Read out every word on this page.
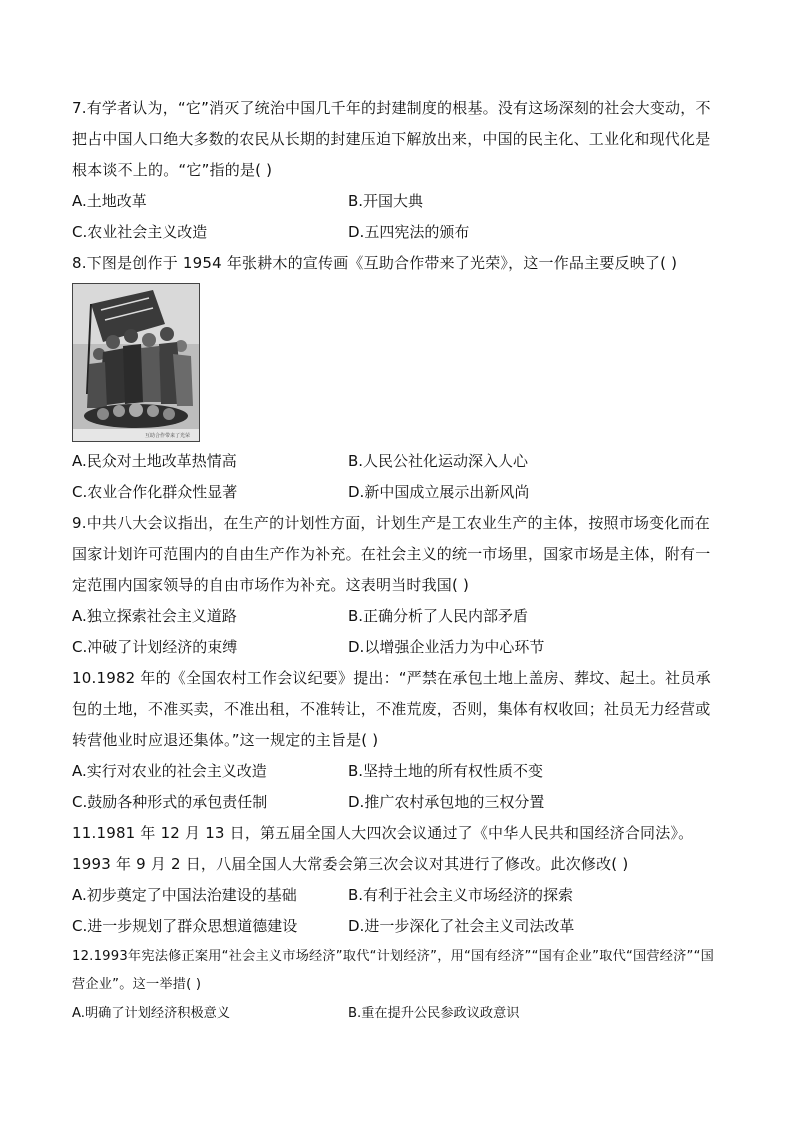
7.有学者认为，“它”消灭了统治中国几千年的封建制度的根基。没有这场深刻的社会大变动，不把占中国人口绝大多数的农民从长期的封建压迫下解放出来，中国的民主化、工业化和现代化是根本谈不上的。“它”指的是( )
A.土地改革	B.开国大典
C.农业社会主义改造	D.五四宪法的颁布
8.下图是创作于 1954 年张耕木的宣传画《互助合作带来了光荣》，这一作品主要反映了( )
互助合作带来了光荣
A.民众对土地改革热情高	B.人民公社化运动深入人心
C.农业合作化群众性显著	D.新中国成立展示出新风尚
9.中共八大会议指出，在生产的计划性方面，计划生产是工农业生产的主体，按照市场变化而在国家计划许可范围内的自由生产作为补充。在社会主义的统一市场里，国家市场是主体，附有一定范围内国家领导的自由市场作为补充。这表明当时我国( )
A.独立探索社会主义道路	B.正确分析了人民内部矛盾
C.冲破了计划经济的束缚	D.以增强企业活力为中心环节
10.1982 年的《全国农村工作会议纪要》提出：“严禁在承包土地上盖房、葬坟、起土。社员承包的土地，不准买卖，不准出租，不准转让，不准荒废，否则，集体有权收回；社员无力经营或转营他业时应退还集体。”这一规定的主旨是( )
A.实行对农业的社会主义改造	B.坚持土地的所有权性质不变
C.鼓励各种形式的承包责任制	D.推广农村承包地的三权分置
11.1981 年 12 月 13 日，第五届全国人大四次会议通过了《中华人民共和国经济合同法》。1993 年 9 月 2 日，八届全国人大常委会第三次会议对其进行了修改。此次修改( )
A.初步奠定了中国法治建设的基础	B.有利于社会主义市场经济的探索
C.进一步规划了群众思想道德建设	D.进一步深化了社会主义司法改革
12.1993年宪法修正案用“社会主义市场经济”取代“计划经济”，用“国有经济”“国有企业”取代“国营经济”“国营企业”。这一举措( )
A.明确了计划经济积极意义	B.重在提升公民参政议政意识
